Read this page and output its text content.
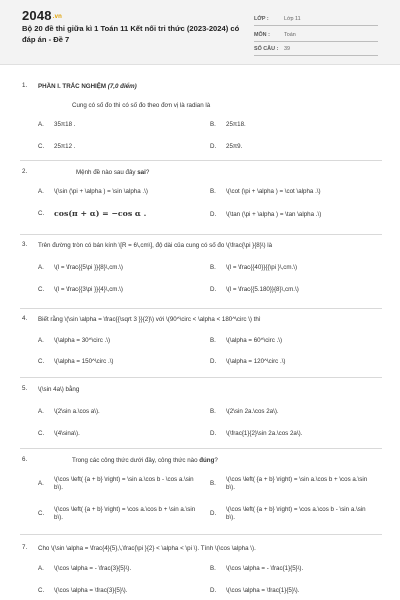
2048.vn
Bộ 20 đề thi giữa kì 1 Toán 11 Kết nối tri thức (2023-2024) có đáp án - Đề 7
LỚP :	Lớp 11
MÔN :	Toán
SỐ CÂU : 39
1. PHẦN I. TRẮC NGHIỆM (7,0 điểm)
Cung có số đo thì có số đo theo đơn vị là radian là
A. 35π18 .	B. 25π18.
C. 25π12 .	D. 25π9.
2.	Mệnh đề nào sau đây sai?
A. \(\sin (\pi + \alpha ) = \sin \alpha .\)	B. \(\cot (\pi + \alpha ) = \cot \alpha .\)
C. cos(π + α) = −cos α .	D. \(\tan (\pi + \alpha ) = \tan \alpha .\)
3. Trên đường tròn có bán kính \[R = 6\,cm\], độ dài của cung có số đo \(\frac{\pi }{8}\) là
A. \(l = \frac{{5\pi }}{8}\,cm.\)	B. \(l = \frac{{40}}{{\pi }\,cm.\)
C. \(l = \frac{{3\pi }}{4}\,cm.\)	D. \(l = \frac{{5.180}}{8}\,cm.\)
4. Biết rằng \(\sin \alpha = \frac{{\sqrt 3 }}{2}\) với \(90^\circ < \alpha < 180^\circ \) thì
A. \(\alpha = 30^\circ .\)	B. \(\alpha = 60^\circ .\)
C. \(\alpha = 150^\circ .\)	D. \(\alpha = 120^\circ .\)
5. \(\sin 4a\) bằng
A. \(2\sin a.\cos a\).	B. \(2\sin 2a.\cos 2a\).
C. \(4\sina\).	D. \(\frac{1}{2}\sin 2a.\cos 2a\).
6.	Trong các công thức dưới đây, công thức nào đúng?
A.
\(\cos \left( {a + b} \right) = \sin a.\cos b - \cos a.\sin b\).
B.
\(\cos \left( {a + b} \right) = \sin a.\cos b + \cos a.\sin b\).
C.
\(\cos \left( {a + b} \right) = \cos a.\cos b + \sin a.\sin b\).
D.
\(\cos \left( {a + b} \right) = \cos a.\cos b - \sin a.\sin b\).
7. Cho \(\sin \alpha = \frac{4}{5},\,\frac{\pi }{2} < \alpha < \pi \). Tính \(\cos \alpha \).
A. \(\cos \alpha = - \frac{3}{5}\).	B. \(\cos \alpha = - \frac{1}{5}\).
C. \(\cos \alpha = \frac{3}{5}\).	D. \(\cos \alpha = \frac{1}{5}\).
